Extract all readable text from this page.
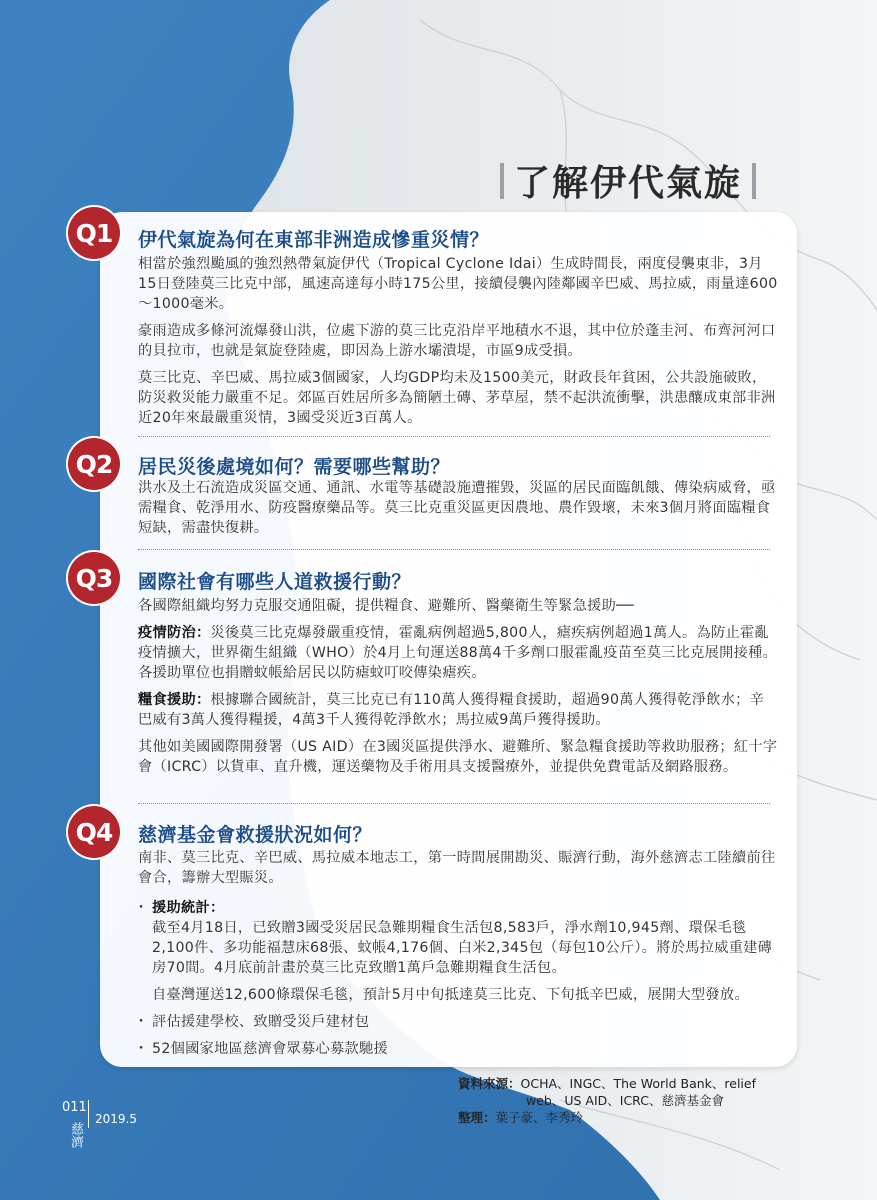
了解伊代氣旋
Q1	伊代氣旋為何在東部非洲造成慘重災情？

相當於強烈颱風的強烈熱帶氣旋伊代（Tropical Cyclone Idai）生成時間長，兩度侵襲東非，3月15日登陸莫三比克中部，風速高達每小時175公里，接續侵襲內陸鄰國辛巴威、馬拉威，雨量達600～1000毫米。

豪雨造成多條河流爆發山洪，位處下游的莫三比克沿岸平地積水不退，其中位於蓬圭河、布齊河河口的貝拉市，也就是氣旋登陸處，即因為上游水壩潰堤，市區9成受損。

莫三比克、辛巴威、馬拉威3個國家，人均GDP均未及1500美元，財政長年貧困，公共設施破敗，防災救災能力嚴重不足。郊區百姓居所多為簡陋土磚、茅草屋，禁不起洪流衝擊，洪患釀成東部非洲近20年來最嚴重災情，3國受災近3百萬人。

Q2	居民災後處境如何？需要哪些幫助？

洪水及土石流造成災區交通、通訊、水電等基礎設施遭摧毀，災區的居民面臨飢餓、傳染病威脅，亟需糧食、乾淨用水、防疫醫療藥品等。莫三比克重災區更因農地、農作毀壞，未來3個月將面臨糧食短缺，需盡快復耕。

Q3	國際社會有哪些人道救援行動？

各國際組織均努力克服交通阻礙，提供糧食、避難所、醫藥衛生等緊急援助──

疫情防治：災後莫三比克爆發嚴重疫情，霍亂病例超過5,800人，瘧疾病例超過1萬人。為防止霍亂疫情擴大，世界衛生組織（WHO）於4月上旬運送88萬4千多劑口服霍亂疫苗至莫三比克展開接種。各援助單位也捐贈蚊帳給居民以防瘧蚊叮咬傳染瘧疾。

糧食援助：根據聯合國統計，莫三比克已有110萬人獲得糧食援助，超過90萬人獲得乾淨飲水；辛巴威有3萬人獲得糧援，4萬3千人獲得乾淨飲水；馬拉威9萬戶獲得援助。

其他如美國國際開發署（US AID）在3國災區提供淨水、避難所、緊急糧食援助等救助服務；紅十字會（ICRC）以貨車、直升機，運送藥物及手術用具支援醫療外，並提供免費電話及網路服務。

Q4	慈濟基金會救援狀況如何？

南非、莫三比克、辛巴威、馬拉威本地志工，第一時間展開勘災、賑濟行動，海外慈濟志工陸續前往會合，籌辦大型賑災。

・ 援助統計：

截至4月18日，已致贈3國受災居民急難期糧食生活包8,583戶，淨水劑10,945劑、環保毛毯2,100件、多功能福慧床68張、蚊帳4,176個、白米2,345包（每包10公斤）。將於馬拉威重建磚房70間。4月底前計畫於莫三比克致贈1萬戶急難期糧食生活包。

自臺灣運送12,600條環保毛毯，預計5月中旬抵達莫三比克、下旬抵辛巴威，展開大型發放。

・ 評估援建學校、致贈受災戶建材包

・ 52個國家地區慈濟會眾募心募款馳援

資料來源：OCHA、INGC、The World Bank、relief
web、US AID、ICRC、慈濟基金會
整理：葉子豪、李秀玲
011
2019.5
慈濟
